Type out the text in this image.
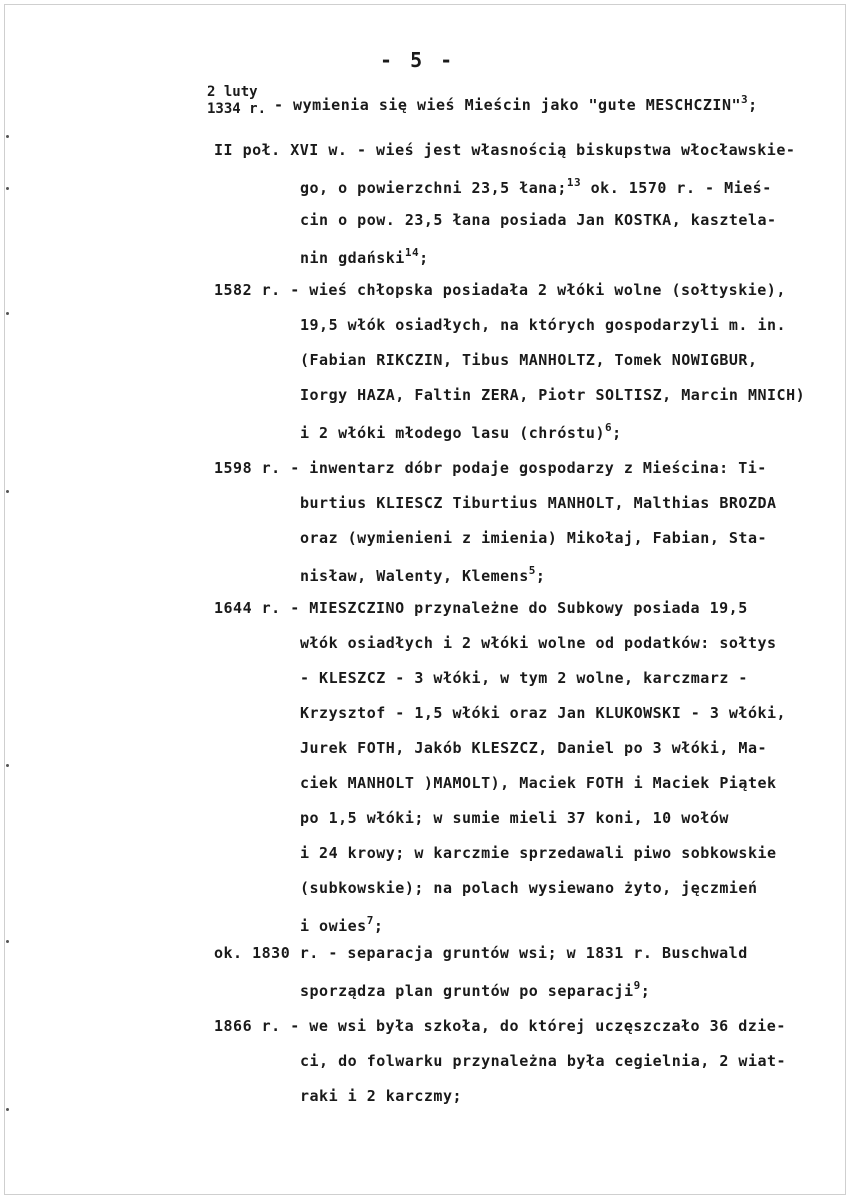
- 5 -
2 luty
1334 r. - wymienia się wieś Mieścin jako "gute MESCHCZIN"$^3$;
II poł. XVI w. - wieś jest własnością biskupstwa włocławskie-
go, o powierzchni 23,5 łana;$^{13}$ ok. 1570 r. - Mieś-
cin o pow. 23,5 łana posiada Jan KOSTKA, kasztela-
nin gdański$^{14}$;
1582 r. - wieś chłopska posiadała 2 włóki wolne (sołtyskie),
19,5 włók osiadłych, na których gospodarzyli m. in.
(Fabian RIKCZIN, Tibus MANHOLTZ, Tomek NOWIGBUR,
Iorgy HAZA, Faltin ZERA, Piotr SOLTISZ, Marcin MNICH)
i 2 włóki młodego lasu (chróstu)$^6$;
1598 r. - inwentarz dóbr podaje gospodarzy z Mieścina: Ti-
burtius KLIESCZ Tiburtius MANHOLT, Malthias BROZDA
oraz (wymienieni z imienia) Mikołaj, Fabian, Sta-
nisław, Walenty, Klemens$^5$;
1644 r. - MIESZCZINO przynależne do Subkowy posiada 19,5
włók osiadłych i 2 włóki wolne od podatków: sołtys
- KLESZCZ - 3 włóki, w tym 2 wolne, karczmarz -
Krzysztof - 1,5 włóki oraz Jan KLUKOWSKI - 3 włóki,
Jurek FOTH, Jakób KLESZCZ, Daniel po 3 włóki, Ma-
ciek MANHOLT )MAMOLT), Maciek FOTH i Maciek Piątek
po 1,5 włóki; w sumie mieli 37 koni, 10 wołów
i 24 krowy; w karczmie sprzedawali piwo sobkowskie
(subkowskie); na polach wysiewano żyto, jęczmień
i owies$^7$;
ok. 1830 r. - separacja gruntów wsi; w 1831 r. Buschwald
sporządza plan gruntów po separacji$^9$;
1866 r. - we wsi była szkoła, do której uczęszczało 36 dzie-
ci, do folwarku przynależna była cegielnia, 2 wiat-
raki i 2 karczmy;
